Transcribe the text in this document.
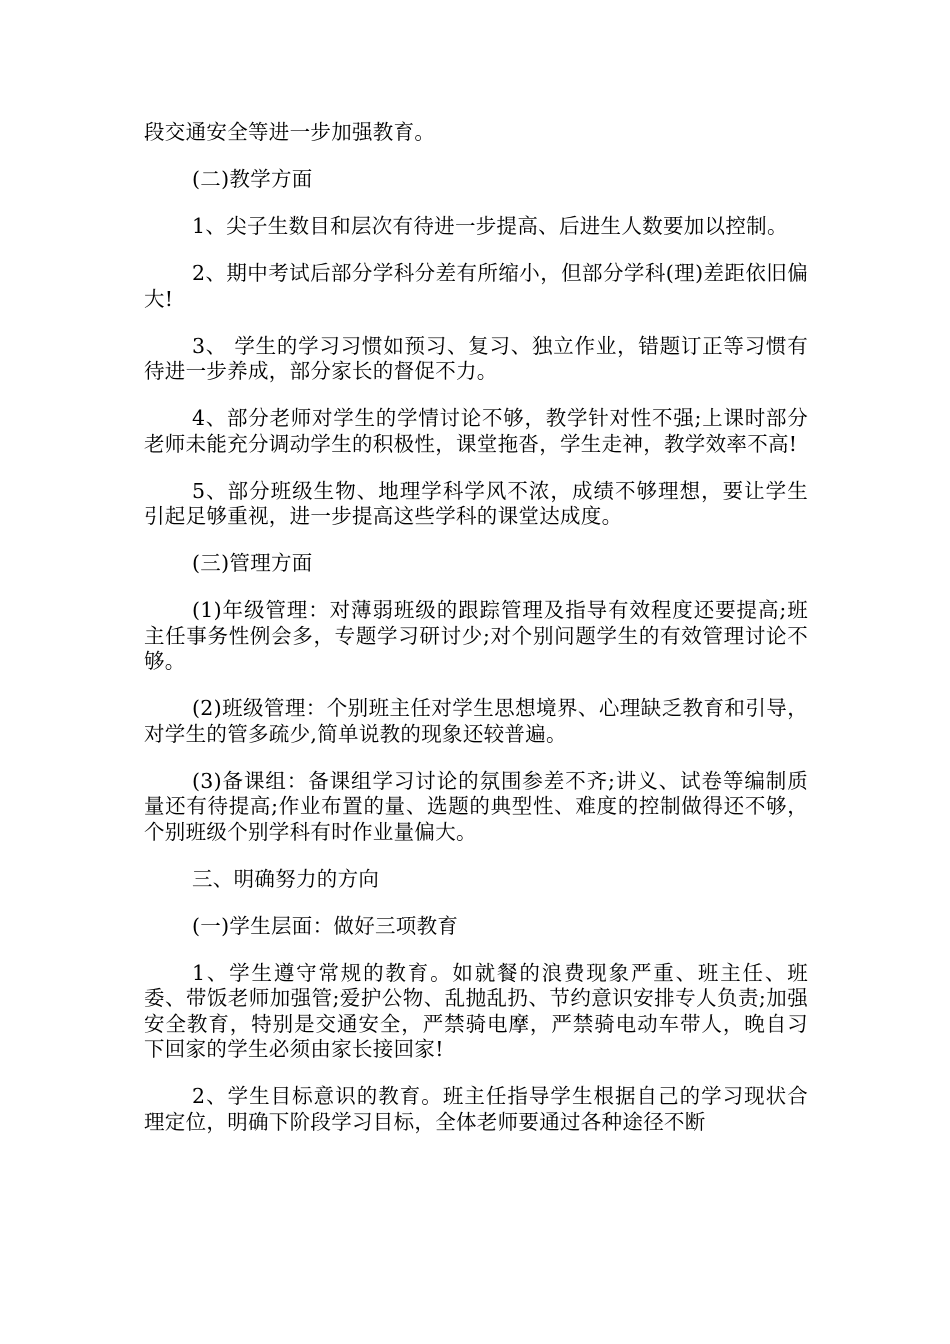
段交通安全等进一步加强教育。

(二)教学方面

1、尖子生数目和层次有待进一步提高、后进生人数要加以控制。

2、期中考试后部分学科分差有所缩小，但部分学科(理)差距依旧偏大!

3、 学生的学习习惯如预习、复习、独立作业，错题订正等习惯有待进一步养成，部分家长的督促不力。

4、部分老师对学生的学情讨论不够，教学针对性不强;上课时部分老师未能充分调动学生的积极性，课堂拖沓，学生走神，教学效率不高!

5、部分班级生物、地理学科学风不浓，成绩不够理想，要让学生引起足够重视，进一步提高这些学科的课堂达成度。

(三)管理方面

(1)年级管理：对薄弱班级的跟踪管理及指导有效程度还要提高;班主任事务性例会多，专题学习研讨少;对个别问题学生的有效管理讨论不够。

(2)班级管理：个别班主任对学生思想境界、心理缺乏教育和引导，对学生的管多疏少,简单说教的现象还较普遍。

(3)备课组：备课组学习讨论的氛围参差不齐;讲义、试卷等编制质量还有待提高;作业布置的量、选题的典型性、难度的控制做得还不够，个别班级个别学科有时作业量偏大。

三、明确努力的方向

(一)学生层面：做好三项教育

1、学生遵守常规的教育。如就餐的浪费现象严重、班主任、班委、带饭老师加强管;爱护公物、乱抛乱扔、节约意识安排专人负责;加强安全教育，特别是交通安全，严禁骑电摩，严禁骑电动车带人，晚自习下回家的学生必须由家长接回家!

2、学生目标意识的教育。班主任指导学生根据自己的学习现状合理定位，明确下阶段学习目标，全体老师要通过各种途径不断
